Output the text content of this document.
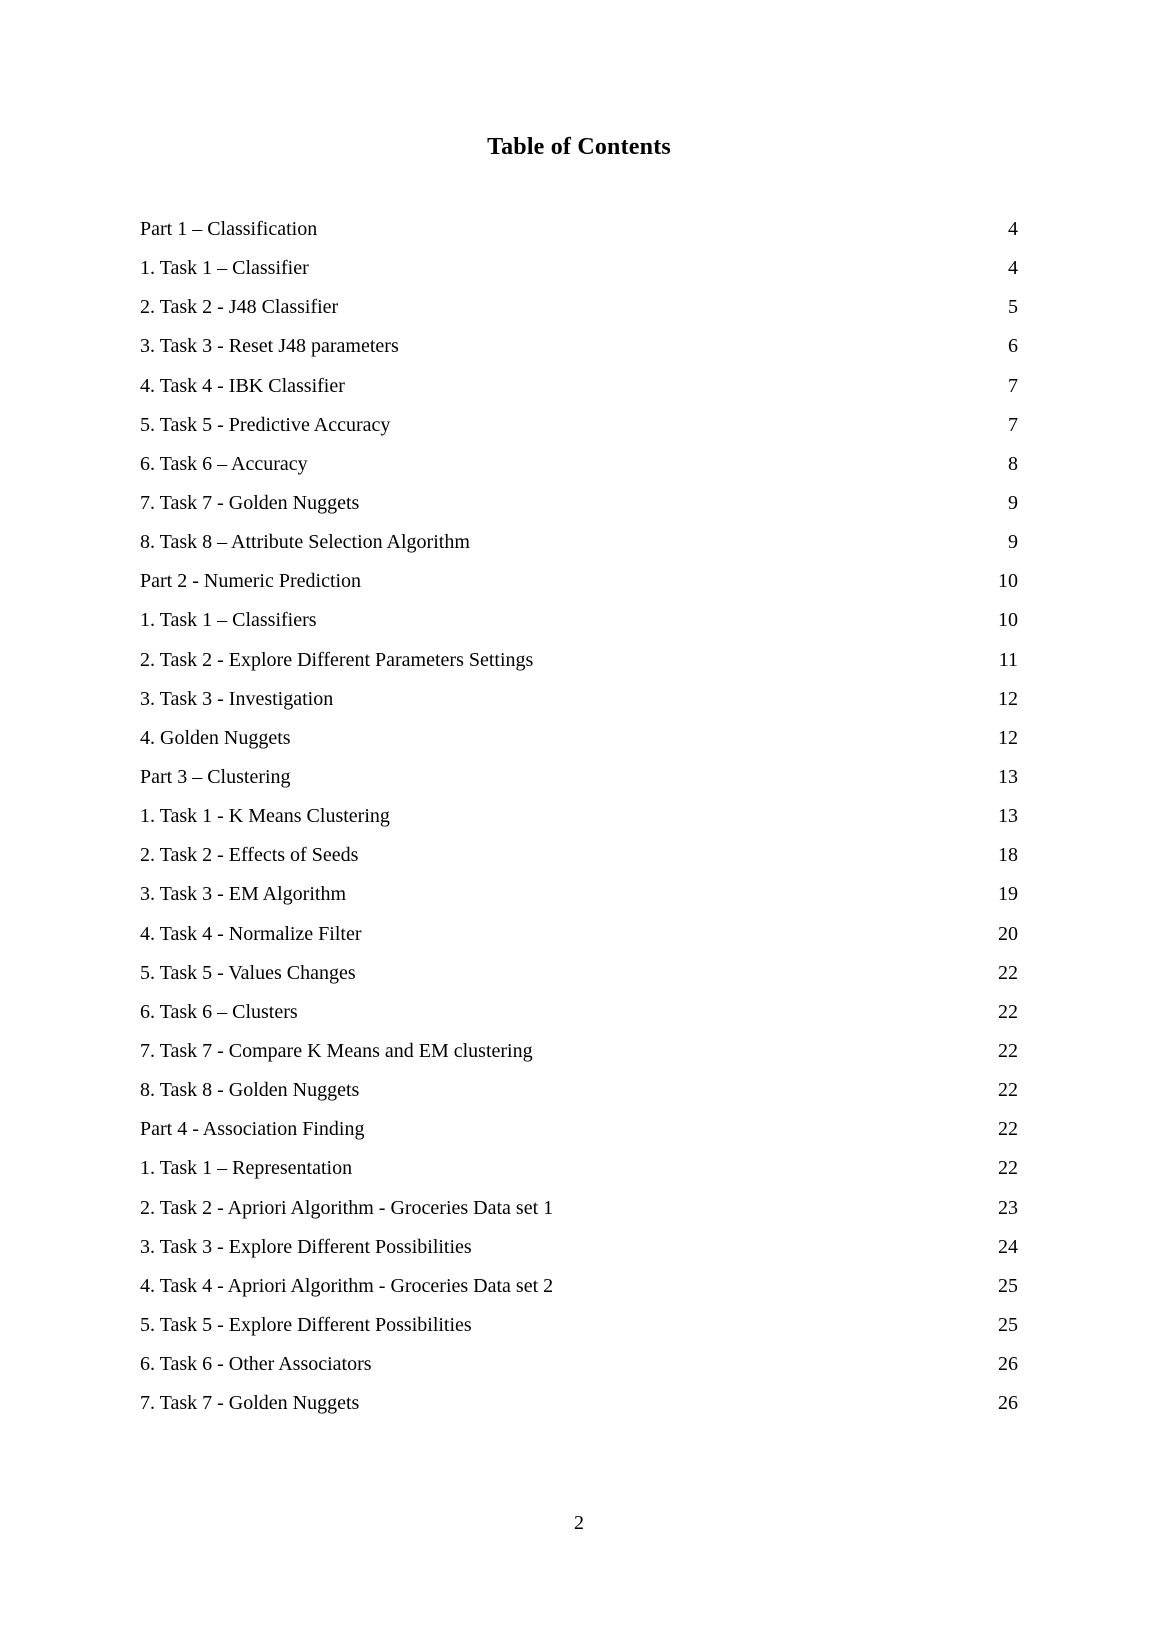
Table of Contents
Part 1 – Classification	4
1. Task 1 – Classifier	4
2. Task 2 - J48 Classifier	5
3. Task 3 - Reset J48 parameters	6
4. Task 4 - IBK Classifier	7
5. Task 5 - Predictive Accuracy	7
6. Task 6 – Accuracy	8
7. Task 7 - Golden Nuggets	9
8. Task 8 – Attribute Selection Algorithm	9
Part 2 - Numeric Prediction	10
1. Task 1 – Classifiers	10
2. Task 2 - Explore Different Parameters Settings	11
3. Task 3 - Investigation	12
4. Golden Nuggets	12
Part 3 – Clustering	13
1. Task 1 - K Means Clustering	13
2. Task 2 - Effects of Seeds	18
3. Task 3 - EM Algorithm	19
4. Task 4 - Normalize Filter	20
5. Task 5 - Values Changes	22
6. Task 6 – Clusters	22
7. Task 7 - Compare K Means and EM clustering	22
8. Task 8 - Golden Nuggets	22
Part 4 - Association Finding	22
1. Task 1 – Representation	22
2. Task 2 - Apriori Algorithm - Groceries Data set 1	23
3. Task 3 - Explore Different Possibilities	24
4. Task 4 - Apriori Algorithm - Groceries Data set 2	25
5. Task 5 - Explore Different Possibilities	25
6. Task 6 - Other Associators	26
7. Task 7 - Golden Nuggets	26
2
